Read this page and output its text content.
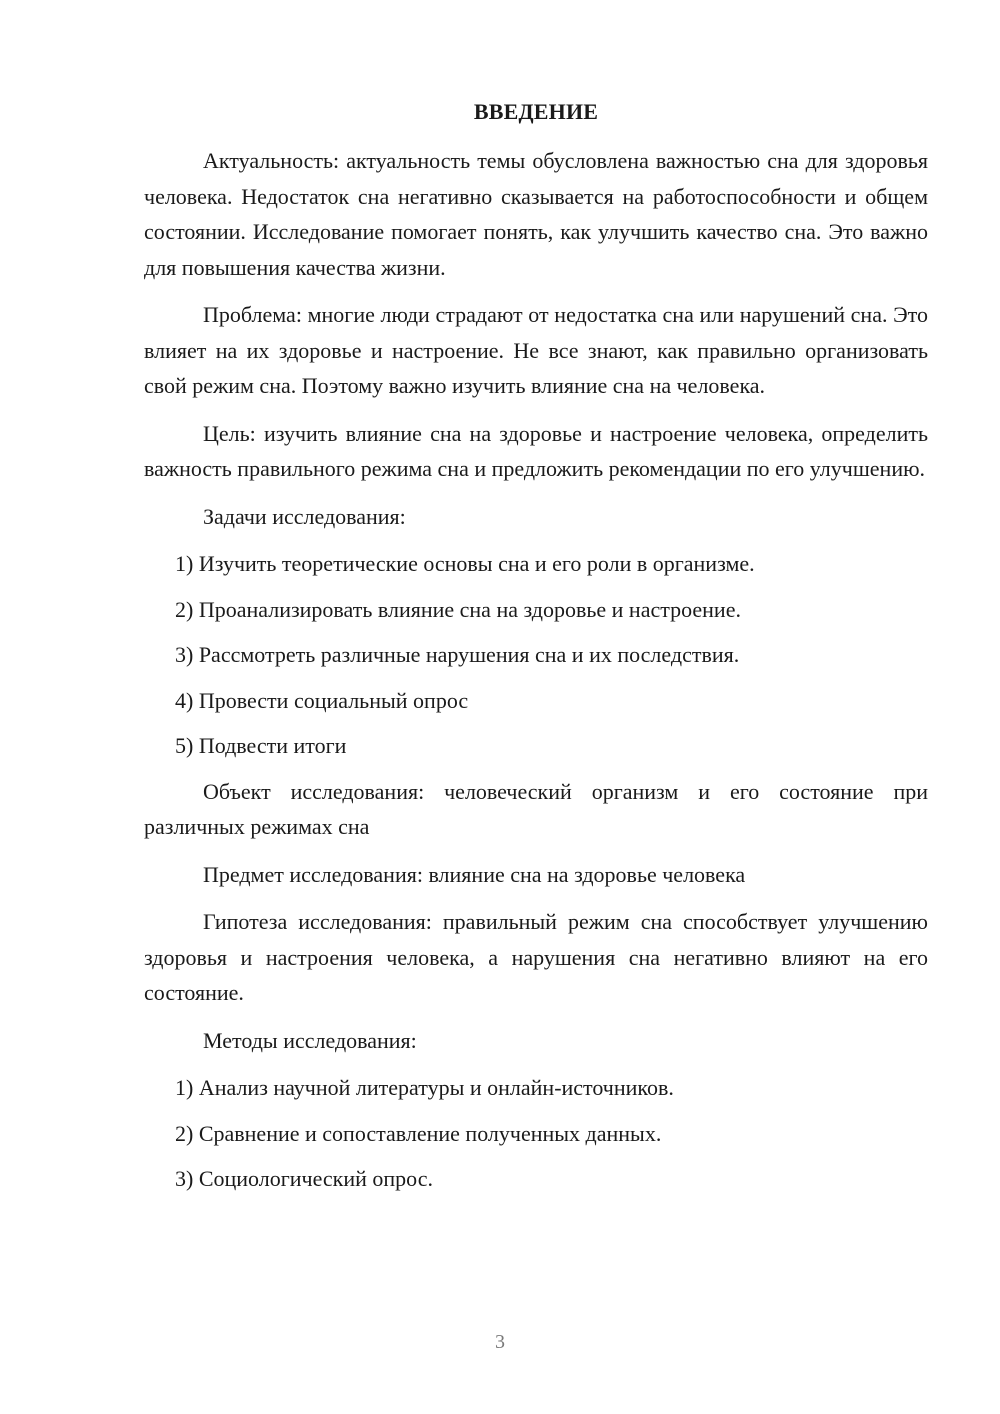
ВВЕДЕНИЕ

Актуальность: актуальность темы обусловлена важностью сна для здоровья человека. Недостаток сна негативно сказывается на работоспособности и общем состоянии. Исследование помогает понять, как улучшить качество сна. Это важно для повышения качества жизни.

Проблема: многие люди страдают от недостатка сна или нарушений сна. Это влияет на их здоровье и настроение. Не все знают, как правильно организовать свой режим сна. Поэтому важно изучить влияние сна на человека.

Цель: изучить влияние сна на здоровье и настроение человека, определить важность правильного режима сна и предложить рекомендации по его улучшению.

Задачи исследования:

1) Изучить теоретические основы сна и его роли в организме.
2) Проанализировать влияние сна на здоровье и настроение.
3) Рассмотреть различные нарушения сна и их последствия.
4) Провести социальный опрос
5) Подвести итоги

Объект исследования: человеческий организм и его состояние при различных режимах сна

Предмет исследования: влияние сна на здоровье человека

Гипотеза исследования: правильный режим сна способствует улучшению здоровья и настроения человека, а нарушения сна негативно влияют на его состояние.

Методы исследования:

1) Анализ научной литературы и онлайн-источников.
2) Сравнение и сопоставление полученных данных.
3) Социологический опрос.
3
